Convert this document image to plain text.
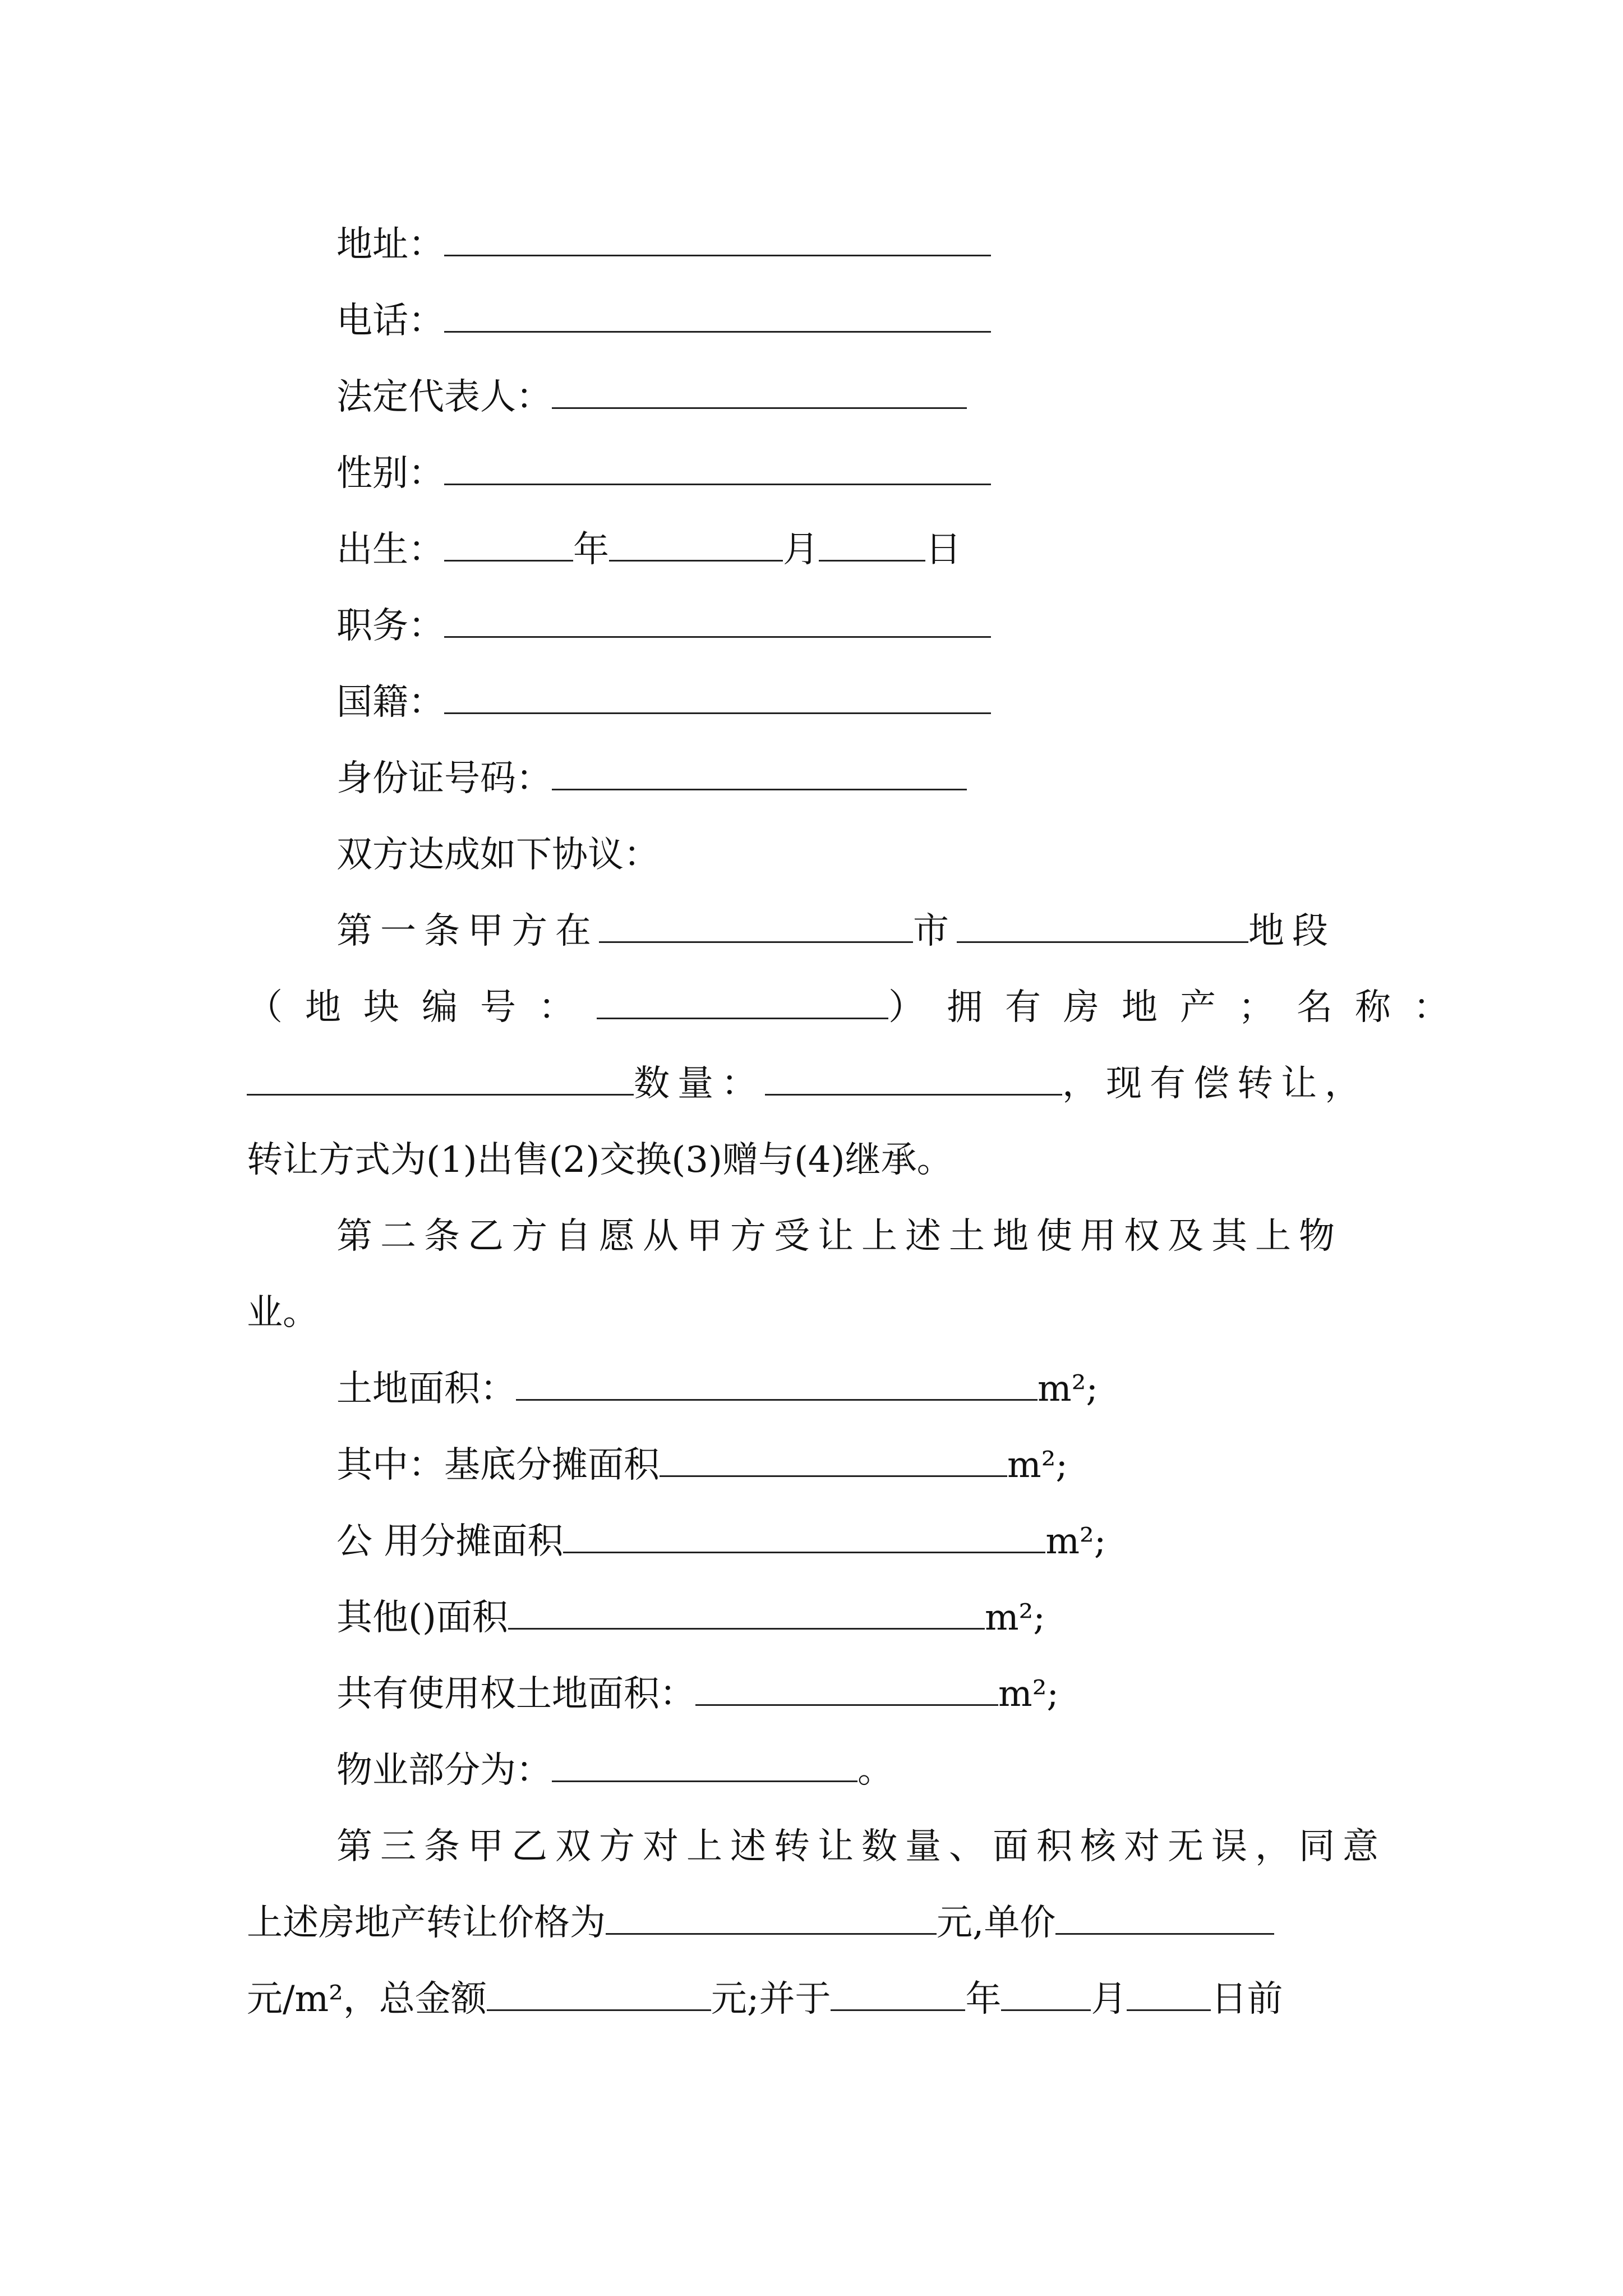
地址：
电话：
法定代表人：
性别：
出生：	年	月	日
职务：
国籍：
身份证号码：
双方达成如下协议：
第一条甲方在	市	地段
（地块编号：	）拥有房地产；名称：
数量：	，现有偿转让，
转让方式为(1)出售(2)交换(3)赠与(4)继承。
第二条乙方自愿从甲方受让上述土地使用权及其上物
业。
土地面积：	m²;
其中：基底分摊面积	m²;
公 用分摊面积	m²;
其他()面积	m²;
共有使用权土地面积：	m²;
物业部分为：	。
第三条甲乙双方对上述转让数量、面积核对无误，同意
上述房地产转让价格为	元,单价
元/m²，总金额	元;并于	年	月 日前
